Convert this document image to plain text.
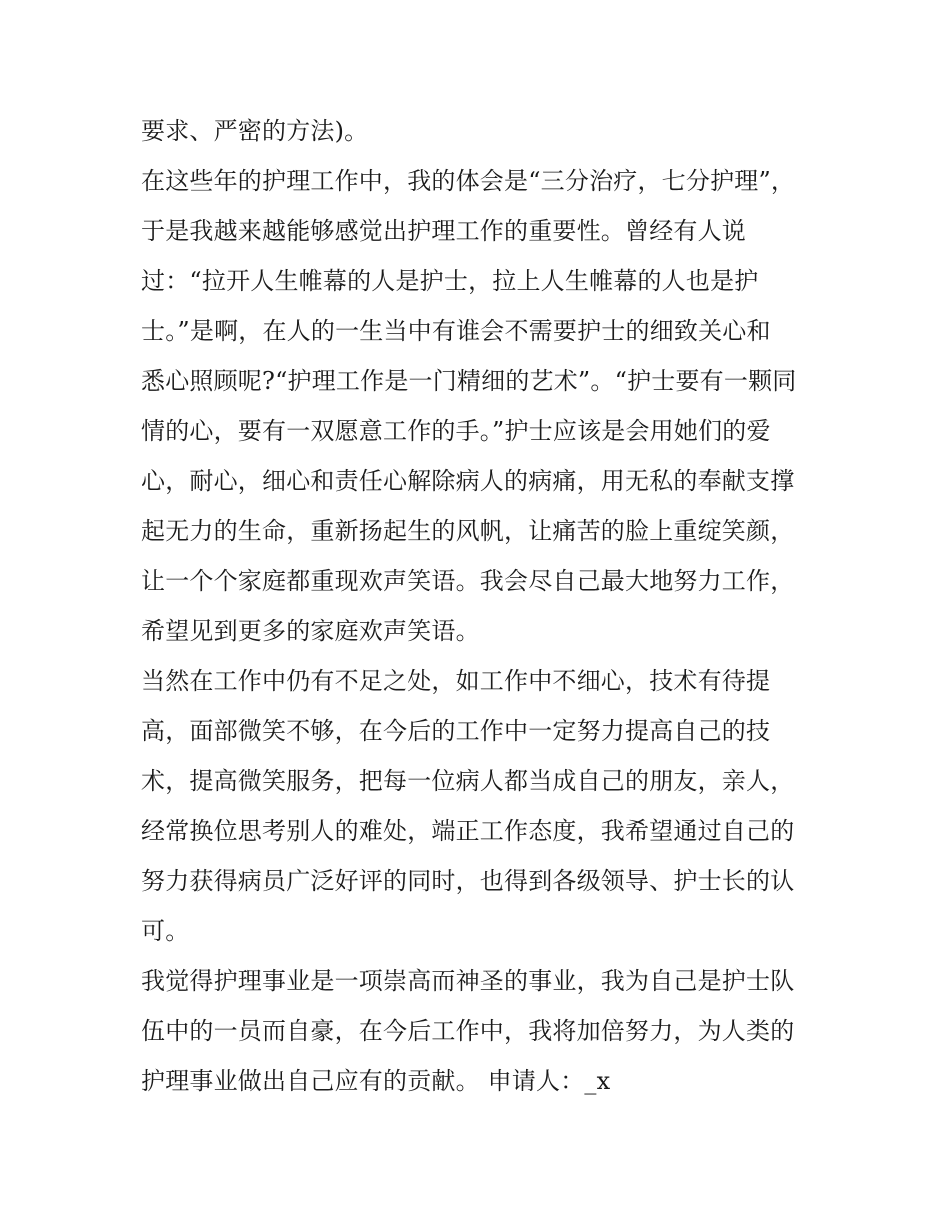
要求、严密的方法)。
在这些年的护理工作中，我的体会是“三分治疗，七分护理”，
于是我越来越能够感觉出护理工作的重要性。曾经有人说
过：“拉开人生帷幕的人是护士，拉上人生帷幕的人也是护
士。”是啊，在人的一生当中有谁会不需要护士的细致关心和
悉心照顾呢?“护理工作是一门精细的艺术”。“护士要有一颗同
情的心，要有一双愿意工作的手。”护士应该是会用她们的爱
心，耐心，细心和责任心解除病人的病痛，用无私的奉献支撑
起无力的生命，重新扬起生的风帆，让痛苦的脸上重绽笑颜，
让一个个家庭都重现欢声笑语。我会尽自己最大地努力工作，
希望见到更多的家庭欢声笑语。
当然在工作中仍有不足之处，如工作中不细心，技术有待提
高，面部微笑不够，在今后的工作中一定努力提高自己的技
术，提高微笑服务，把每一位病人都当成自己的朋友，亲人，
经常换位思考别人的难处，端正工作态度，我希望通过自己的
努力获得病员广泛好评的同时，也得到各级领导、护士长的认
可。
我觉得护理事业是一项崇高而神圣的事业，我为自己是护士队
伍中的一员而自豪，在今后工作中，我将加倍努力，为人类的
护理事业做出自己应有的贡献。 申请人：_x
